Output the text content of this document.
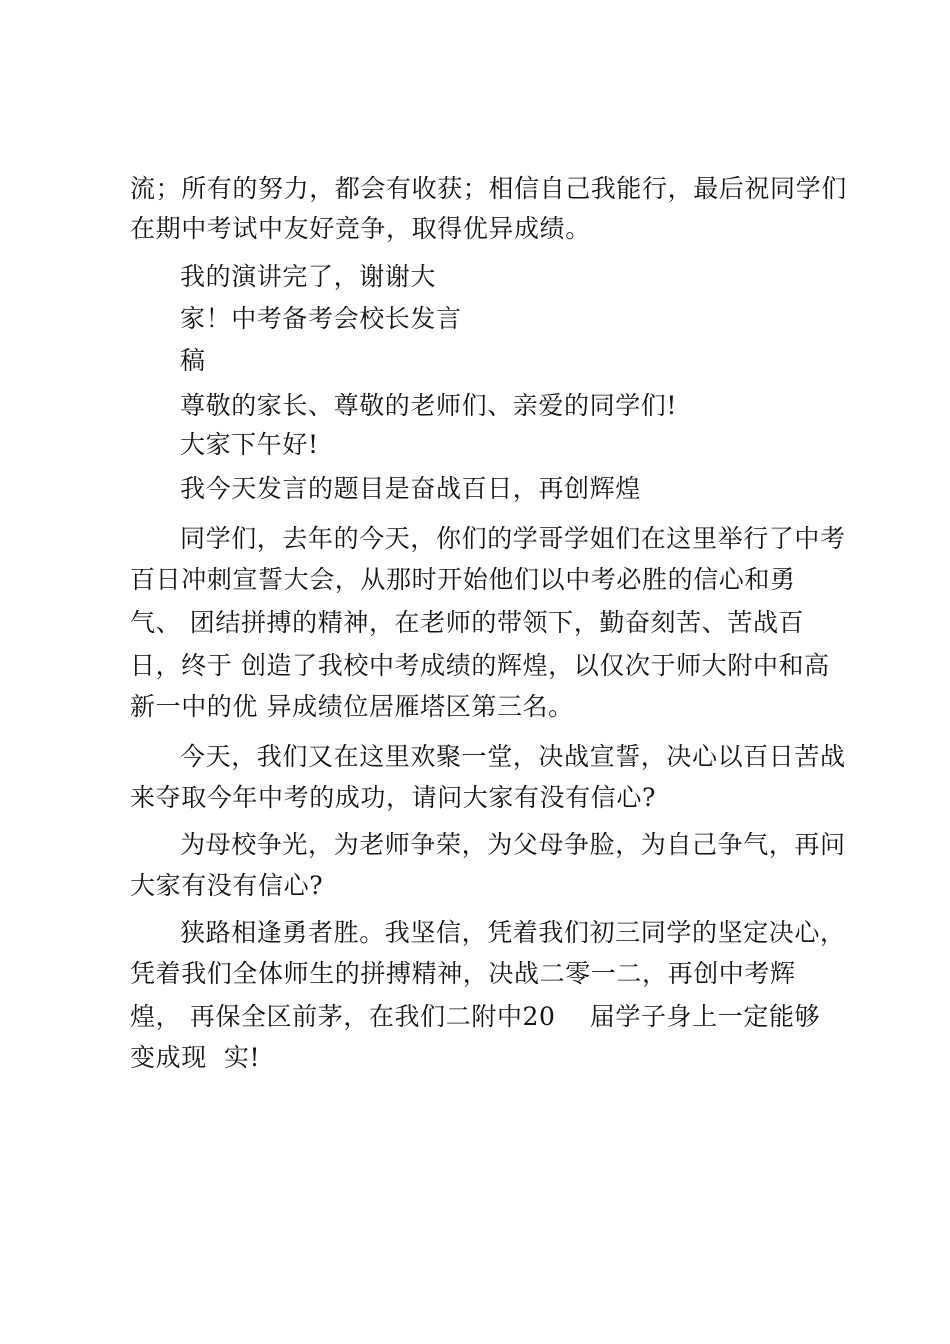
流；所有的努力，都会有收获；相信自己我能行，最后祝同学们
在期中考试中友好竞争，取得优异成绩。
我的演讲完了，谢谢大
家！中考备考会校长发言
稿
尊敬的家长、尊敬的老师们、亲爱的同学们!
大家下午好!
我今天发言的题目是奋战百日，再创辉煌
同学们，去年的今天，你们的学哥学姐们在这里举行了中考
百日冲刺宣誓大会，从那时开始他们以中考必胜的信心和勇
气、 团结拼搏的精神，在老师的带领下，勤奋刻苦、苦战百
日，终于 创造了我校中考成绩的辉煌，以仅次于师大附中和高
新一中的优 异成绩位居雁塔区第三名。
今天，我们又在这里欢聚一堂，决战宣誓，决心以百日苦战
来夺取今年中考的成功，请问大家有没有信心?
为母校争光，为老师争荣，为父母争脸，为自己争气，再问
大家有没有信心?
狭路相逢勇者胜。我坚信，凭着我们初三同学的坚定决心，
凭着我们全体师生的拼搏精神，决战二零一二，再创中考辉
煌， 再保全区前茅，在我们二附中20    届学子身上一定能够
变成现  实!
